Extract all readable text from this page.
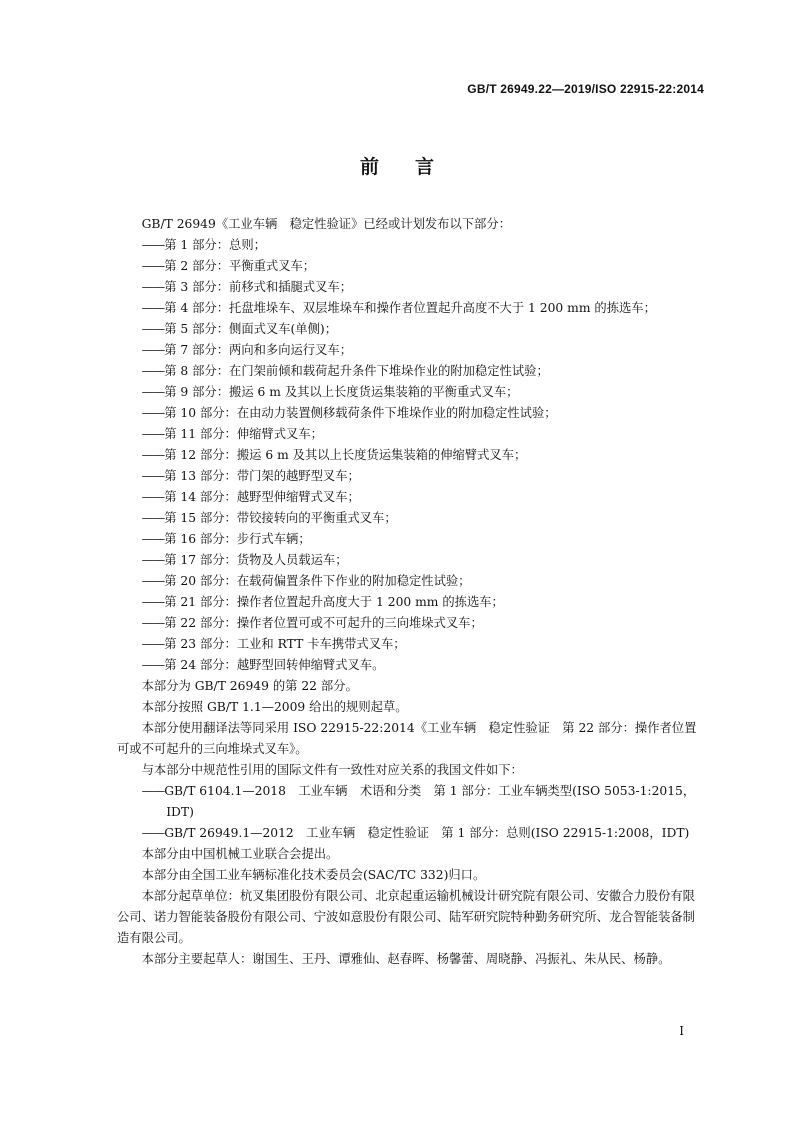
GB/T 26949.22—2019/ISO 22915-22:2014
前言

GB/T 26949《工业车辆　稳定性验证》已经或计划发布以下部分：

——第 1 部分：总则；

——第 2 部分：平衡重式叉车；

——第 3 部分：前移式和插腿式叉车；

——第 4 部分：托盘堆垛车、双层堆垛车和操作者位置起升高度不大于 1 200 mm 的拣选车；

——第 5 部分：侧面式叉车(单侧)；

——第 7 部分：两向和多向运行叉车；

——第 8 部分：在门架前倾和载荷起升条件下堆垛作业的附加稳定性试验；

——第 9 部分：搬运 6 m 及其以上长度货运集装箱的平衡重式叉车；

——第 10 部分：在由动力装置侧移载荷条件下堆垛作业的附加稳定性试验；

——第 11 部分：伸缩臂式叉车；

——第 12 部分：搬运 6 m 及其以上长度货运集装箱的伸缩臂式叉车；

——第 13 部分：带门架的越野型叉车；

——第 14 部分：越野型伸缩臂式叉车；

——第 15 部分：带铰接转向的平衡重式叉车；

——第 16 部分：步行式车辆；

——第 17 部分：货物及人员载运车；

——第 20 部分：在载荷偏置条件下作业的附加稳定性试验；

——第 21 部分：操作者位置起升高度大于 1 200 mm 的拣选车；

——第 22 部分：操作者位置可或不可起升的三向堆垛式叉车；

——第 23 部分：工业和 RTT 卡车携带式叉车；

——第 24 部分：越野型回转伸缩臂式叉车。

本部分为 GB/T 26949 的第 22 部分。

本部分按照 GB/T 1.1—2009 给出的规则起草。

本部分使用翻译法等同采用 ISO 22915-22:2014《工业车辆　稳定性验证　第 22 部分：操作者位置可或不可起升的三向堆垛式叉车》。

与本部分中规范性引用的国际文件有一致性对应关系的我国文件如下：

——GB/T 6104.1—2018　工业车辆　术语和分类　第 1 部分：工业车辆类型(ISO 5053-1:2015，IDT)

——GB/T 26949.1—2012　工业车辆　稳定性验证　第 1 部分：总则(ISO 22915-1:2008，IDT)

本部分由中国机械工业联合会提出。

本部分由全国工业车辆标准化技术委员会(SAC/TC 332)归口。

本部分起草单位：杭叉集团股份有限公司、北京起重运输机械设计研究院有限公司、安徽合力股份有限公司、诺力智能装备股份有限公司、宁波如意股份有限公司、陆军研究院特种勤务研究所、龙合智能装备制造有限公司。

本部分主要起草人：谢国生、王丹、谭雅仙、赵春晖、杨馨蕾、周晓静、冯振礼、朱从民、杨静。

I
